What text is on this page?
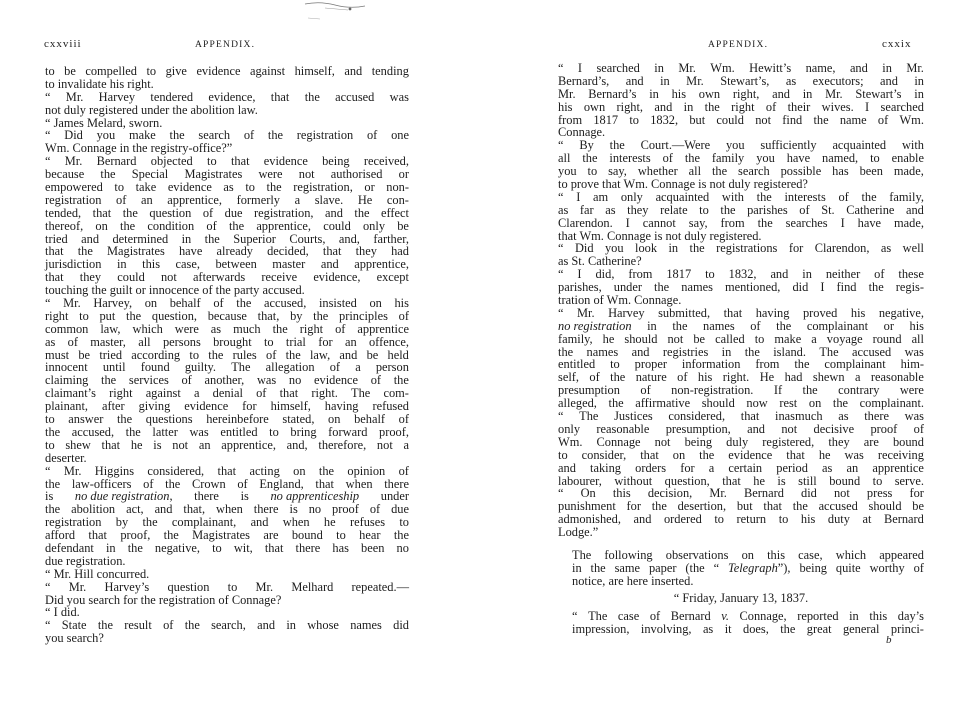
cxxviii	APPENDIX.
to be compelled to give evidence against himself, and tending
to invalidate his right.
“ Mr. Harvey tendered evidence, that the accused was
not duly registered under the abolition law.
“ James Melard, sworn.
“ Did you make the search of the registration of one
Wm. Connage in the registry-office?”
“ Mr. Bernard objected to that evidence being received,
because the Special Magistrates were not authorised or
empowered to take evidence as to the registration, or non-
registration of an apprentice, formerly a slave. He con-
tended, that the question of due registration, and the effect
thereof, on the condition of the apprentice, could only be
tried and determined in the Superior Courts, and, farther,
that the Magistrates have already decided, that they had
jurisdiction in this case, between master and apprentice,
that they could not afterwards receive evidence, except
touching the guilt or innocence of the party accused.
“ Mr. Harvey, on behalf of the accused, insisted on his
right to put the question, because that, by the principles of
common law, which were as much the right of apprentice
as of master, all persons brought to trial for an offence,
must be tried according to the rules of the law, and be held
innocent until found guilty. The allegation of a person
claiming the services of another, was no evidence of the
claimant’s right against a denial of that right. The com-
plainant, after giving evidence for himself, having refused
to answer the questions hereinbefore stated, on behalf of
the accused, the latter was entitled to bring forward proof,
to shew that he is not an apprentice, and, therefore, not a
deserter.
“ Mr. Higgins considered, that acting on the opinion of
the law-officers of the Crown of England, that when there
is no due registration, there is no apprenticeship under
the abolition act, and that, when there is no proof of due
registration by the complainant, and when he refuses to
afford that proof, the Magistrates are bound to hear the
defendant in the negative, to wit, that there has been no
due registration.
“ Mr. Hill concurred.
“ Mr. Harvey’s question to Mr. Melhard repeated.—
Did you search for the registration of Connage?
“ I did.
“ State the result of the search, and in whose names did
you search?
APPENDIX.	cxxix
“ I searched in Mr. Wm. Hewitt’s name, and in Mr.
Bernard’s, and in Mr. Stewart’s, as executors; and in
Mr. Bernard’s in his own right, and in Mr. Stewart’s in
his own right, and in the right of their wives. I searched
from 1817 to 1832, but could not find the name of Wm.
Connage.
“ By the Court.—Were you sufficiently acquainted with
all the interests of the family you have named, to enable
you to say, whether all the search possible has been made,
to prove that Wm. Connage is not duly registered?
“ I am only acquainted with the interests of the family,
as far as they relate to the parishes of St. Catherine and
Clarendon. I cannot say, from the searches I have made,
that Wm. Connage is not duly registered.
“ Did you look in the registrations for Clarendon, as well
as St. Catherine?
“ I did, from 1817 to 1832, and in neither of these
parishes, under the names mentioned, did I find the regis-
tration of Wm. Connage.
“ Mr. Harvey submitted, that having proved his negative,
no registration in the names of the complainant or his
family, he should not be called to make a voyage round all
the names and registries in the island. The accused was
entitled to proper information from the complainant him-
self, of the nature of his right. He had shewn a reasonable
presumption of non-registration. If the contrary were
alleged, the affirmative should now rest on the complainant.
“ The Justices considered, that inasmuch as there was
only reasonable presumption, and not decisive proof of
Wm. Connage not being duly registered, they are bound
to consider, that on the evidence that he was receiving
and taking orders for a certain period as an apprentice
labourer, without question, that he is still bound to serve.
“ On this decision, Mr. Bernard did not press for
punishment for the desertion, but that the accused should be
admonished, and ordered to return to his duty at Bernard
Lodge.”
The following observations on this case, which appeared
in the same paper (the “ Telegraph”), being quite worthy of
notice, are here inserted.
“ Friday, January 13, 1837.
“ The case of Bernard v. Connage, reported in this day’s
impression, involving, as it does, the great general princi-
b
